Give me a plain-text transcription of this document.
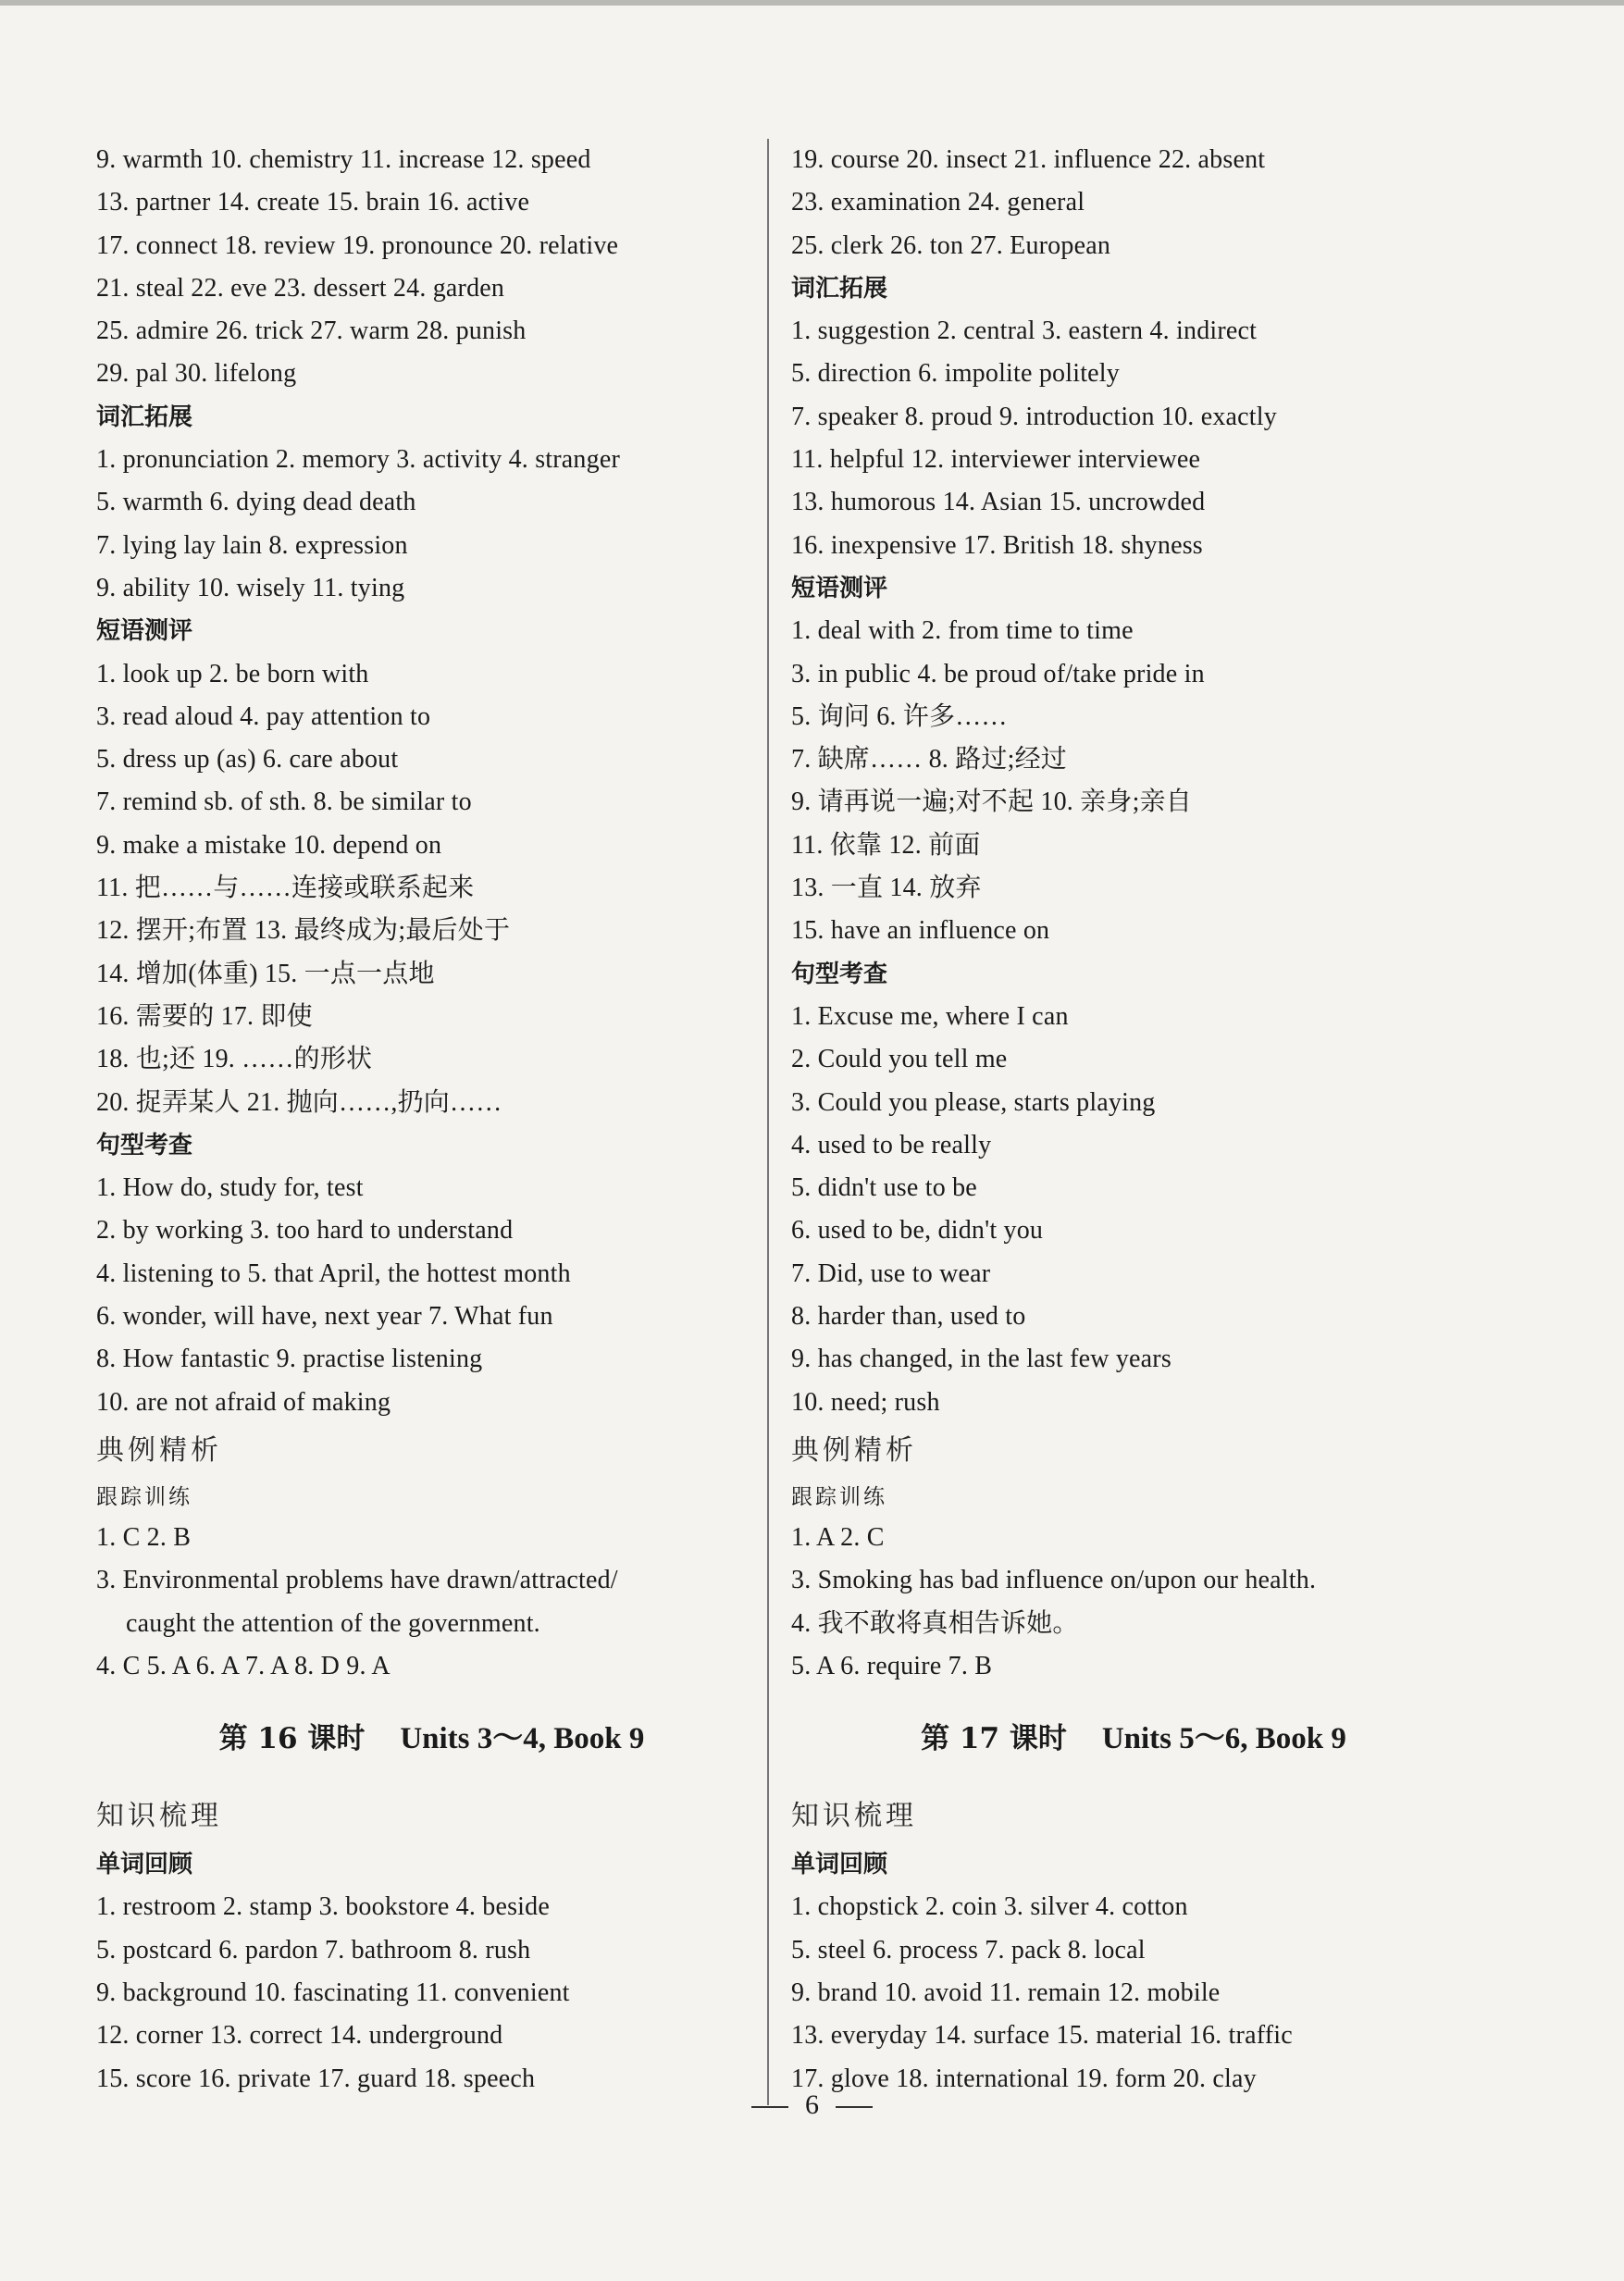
9. warmth 10. chemistry 11. increase 12. speed
13. partner 14. create 15. brain 16. active
17. connect 18. review 19. pronounce 20. relative
21. steal 22. eve 23. dessert 24. garden
25. admire 26. trick 27. warm 28. punish
29. pal 30. lifelong
词汇拓展
1. pronunciation 2. memory 3. activity 4. stranger
5. warmth 6. dying dead death
7. lying lay lain 8. expression
9. ability 10. wisely 11. tying
短语测评
1. look up 2. be born with
3. read aloud 4. pay attention to
5. dress up (as) 6. care about
7. remind sb. of sth. 8. be similar to
9. make a mistake 10. depend on
11. 把……与……连接或联系起来
12. 摆开;布置 13. 最终成为;最后处于
14. 增加(体重) 15. 一点一点地
16. 需要的 17. 即使
18. 也;还 19. ……的形状
20. 捉弄某人 21. 抛向……,扔向……
句型考查
1. How do, study for, test
2. by working 3. too hard to understand
4. listening to 5. that April, the hottest month
6. wonder, will have, next year 7. What fun
8. How fantastic 9. practise listening
10. are not afraid of making
典例精析
跟踪训练
1. C 2. B
3. Environmental problems have drawn/attracted/
caught the attention of the government.
4. C 5. A 6. A 7. A 8. D 9. A
第 16 课时 Units 3～4, Book 9
知识梳理
单词回顾
1. restroom 2. stamp 3. bookstore 4. beside
5. postcard 6. pardon 7. bathroom 8. rush
9. background 10. fascinating 11. convenient
12. corner 13. correct 14. underground
15. score 16. private 17. guard 18. speech
19. course 20. insect 21. influence 22. absent
23. examination 24. general
25. clerk 26. ton 27. European
词汇拓展
1. suggestion 2. central 3. eastern 4. indirect
5. direction 6. impolite politely
7. speaker 8. proud 9. introduction 10. exactly
11. helpful 12. interviewer interviewee
13. humorous 14. Asian 15. uncrowded
16. inexpensive 17. British 18. shyness
短语测评
1. deal with 2. from time to time
3. in public 4. be proud of/take pride in
5. 询问 6. 许多……
7. 缺席…… 8. 路过;经过
9. 请再说一遍;对不起 10. 亲身;亲自
11. 依靠 12. 前面
13. 一直 14. 放弃
15. have an influence on
句型考查
1. Excuse me, where I can
2. Could you tell me
3. Could you please, starts playing
4. used to be really
5. didn't use to be
6. used to be, didn't you
7. Did, use to wear
8. harder than, used to
9. has changed, in the last few years
10. need; rush
典例精析
跟踪训练
1. A 2. C
3. Smoking has bad influence on/upon our health.
4. 我不敢将真相告诉她。
5. A 6. require 7. B
第 17 课时 Units 5～6, Book 9
知识梳理
单词回顾
1. chopstick 2. coin 3. silver 4. cotton
5. steel 6. process 7. pack 8. local
9. brand 10. avoid 11. remain 12. mobile
13. everyday 14. surface 15. material 16. traffic
17. glove 18. international 19. form 20. clay
6
